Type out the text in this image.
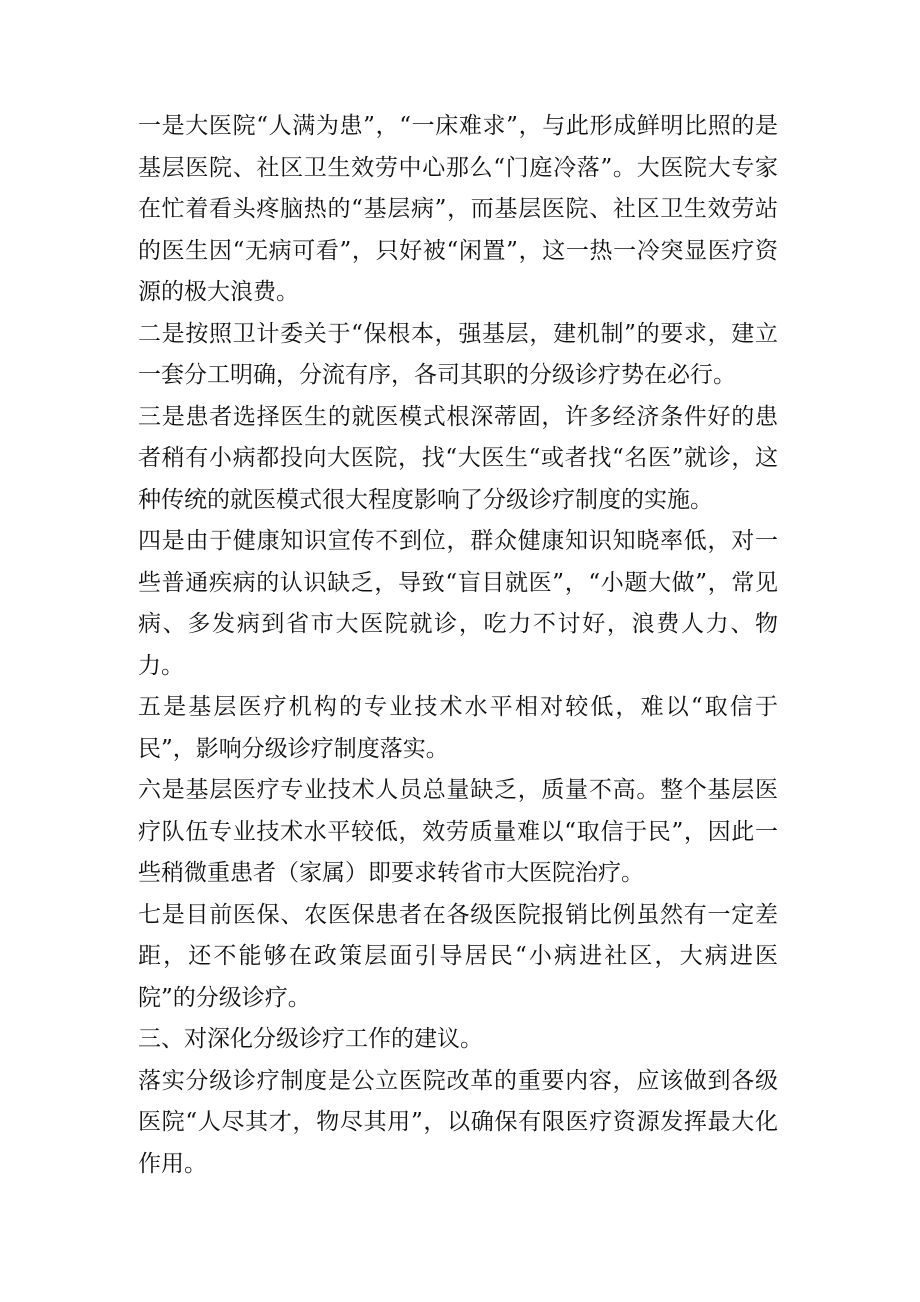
一是大医院“人满为患”，“一床难求”，与此形成鲜明比照的是基层医院、社区卫生效劳中心那么“门庭冷落”。大医院大专家在忙着看头疼脑热的“基层病”，而基层医院、社区卫生效劳站的医生因“无病可看”，只好被“闲置”，这一热一冷突显医疗资源的极大浪费。

二是按照卫计委关于“保根本，强基层，建机制”的要求，建立一套分工明确，分流有序，各司其职的分级诊疗势在必行。

三是患者选择医生的就医模式根深蒂固，许多经济条件好的患者稍有小病都投向大医院，找“大医生“或者找“名医”就诊，这种传统的就医模式很大程度影响了分级诊疗制度的实施。

四是由于健康知识宣传不到位，群众健康知识知晓率低，对一些普通疾病的认识缺乏，导致“盲目就医”，“小题大做”，常见病、多发病到省市大医院就诊，吃力不讨好，浪费人力、物力。

五是基层医疗机构的专业技术水平相对较低，难以“取信于民”，影响分级诊疗制度落实。

六是基层医疗专业技术人员总量缺乏，质量不高。整个基层医疗队伍专业技术水平较低，效劳质量难以“取信于民”，因此一些稍微重患者（家属）即要求转省市大医院治疗。

七是目前医保、农医保患者在各级医院报销比例虽然有一定差距，还不能够在政策层面引导居民“小病进社区，大病进医院”的分级诊疗。

三、对深化分级诊疗工作的建议。

落实分级诊疗制度是公立医院改革的重要内容，应该做到各级医院“人尽其才，物尽其用”，以确保有限医疗资源发挥最大化作用。
